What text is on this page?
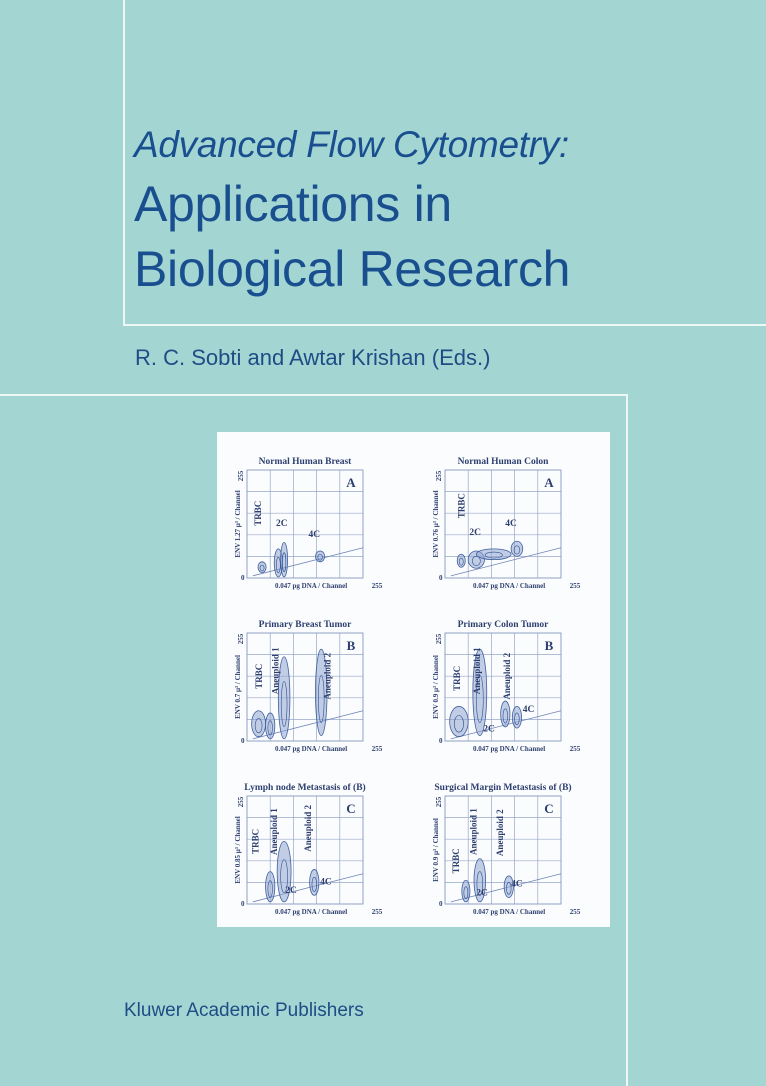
Advanced Flow Cytometry:
Applications in
Biological Research
R. C. Sobti and Awtar Krishan (Eds.)
Normal Human Breast
A
ENV 1.27 µ³ / Channel
255
0
0.047 pg DNA / Channel	255
TRBC 2C
4C
Normal Human Colon
A
ENV 0.76 µ³ / Channel
255
0
0.047 pg DNA / Channel	255
TRBC
2C
4C
Primary Breast Tumor
B
ENV 0.7 µ³ / Channel
255
0
0.047 pg DNA / Channel	255
TRBC Aneuploid 1	Aneuploid 2
Primary Colon Tumor
B
ENV 0.9 µ³ / Channel
255
0
0.047 pg DNA / Channel	255
TRBC Aneuploid 1 Aneuploid 2
2C
4C
Lymph node Metastasis of (B)
C
ENV 0.85 µ³ / Channel
255
0
0.047 pg DNA / Channel	255
TRBC Aneuploid 1	Aneuploid 2
2C
4C
Surgical Margin Metastasis of (B)
C
ENV 0.9 µ³ / Channel
255
0
0.047 pg DNA / Channel	255
TRBC
Aneuploid 1 Aneuploid 2
2C
4C
Kluwer Academic Publishers
